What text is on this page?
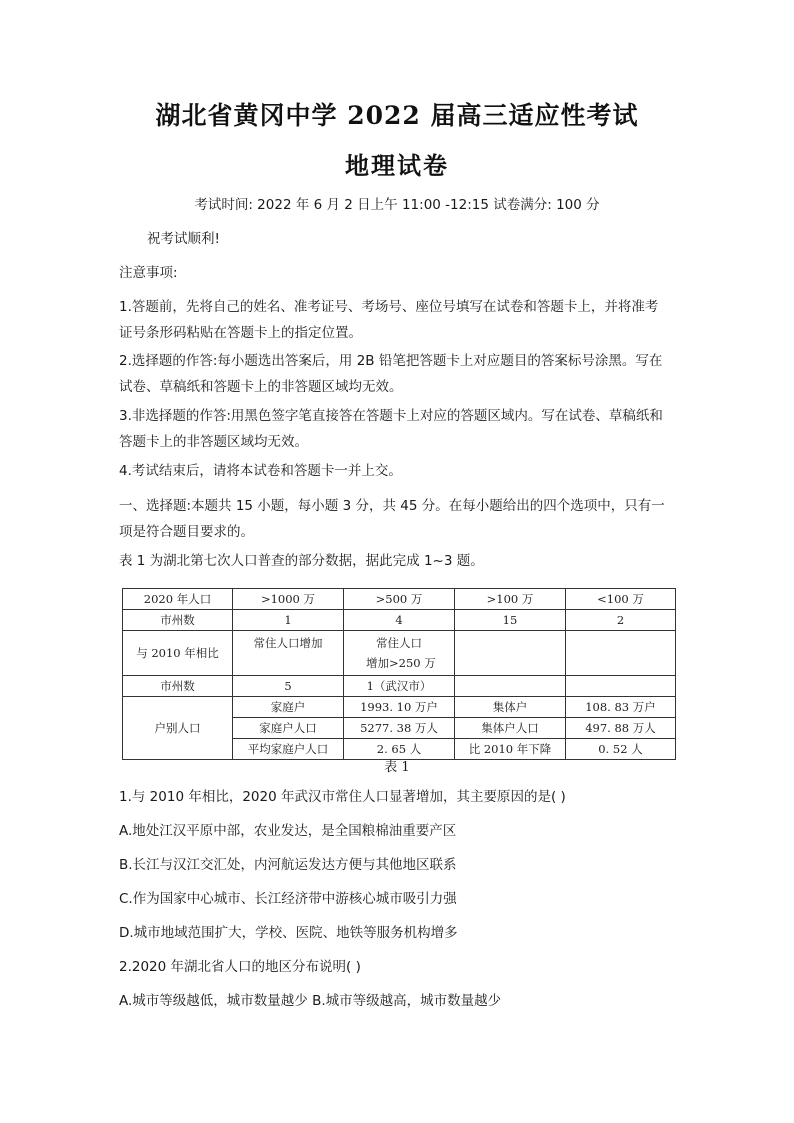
湖北省黄冈中学 2022 届高三适应性考试
地理试卷
考试时间: 2022 年 6 月 2 日上午 11:00 -12:15 试卷满分: 100 分
祝考试顺利!
注意事项:
1.答题前，先将自己的姓名、准考证号、考场号、座位号填写在试卷和答题卡上，并将准考
证号条形码粘贴在答题卡上的指定位置。
2.选择题的作答:每小题选出答案后，用 2B 铅笔把答题卡上对应题目的答案标号涂黑。写在
试卷、草稿纸和答题卡上的非答题区域均无效。
3.非选择题的作答:用黑色签字笔直接答在答题卡上对应的答题区域内。写在试卷、草稿纸和
答题卡上的非答题区域均无效。
4.考试结束后，请将本试卷和答题卡一并上交。
一、选择题:本题共 15 小题，每小题 3 分，共 45 分。在每小题给出的四个选项中，只有一
项是符合题目要求的。
表 1 为湖北第七次人口普查的部分数据，据此完成 1~3 题。
2020 年人口	>1000 万	>500 万	>100 万	<100 万
市州数	1	4	15	2
与 2010 年相比	常住人口增加	常住人口
增加>250 万		

市州数	5	1（武汉市）		
户别人口	家庭户	1993. 10 万户	集体户	108. 83 万户
	家庭户人口	5277. 38 万人	集体户人口	497. 88 万人
	平均家庭户人口	2. 65 人	比 2010 年下降	0. 52 人
表 1
1.与 2010 年相比，2020 年武汉市常住人口显著增加，其主要原因的是( )
A.地处江汉平原中部，农业发达，是全国粮棉油重要产区
B.长江与汉江交汇处，内河航运发达方便与其他地区联系
C.作为国家中心城市、长江经济带中游核心城市吸引力强
D.城市地域范围扩大，学校、医院、地铁等服务机构增多
2.2020 年湖北省人口的地区分布说明( )
A.城市等级越低，城市数量越少 B.城市等级越高，城市数量越少
